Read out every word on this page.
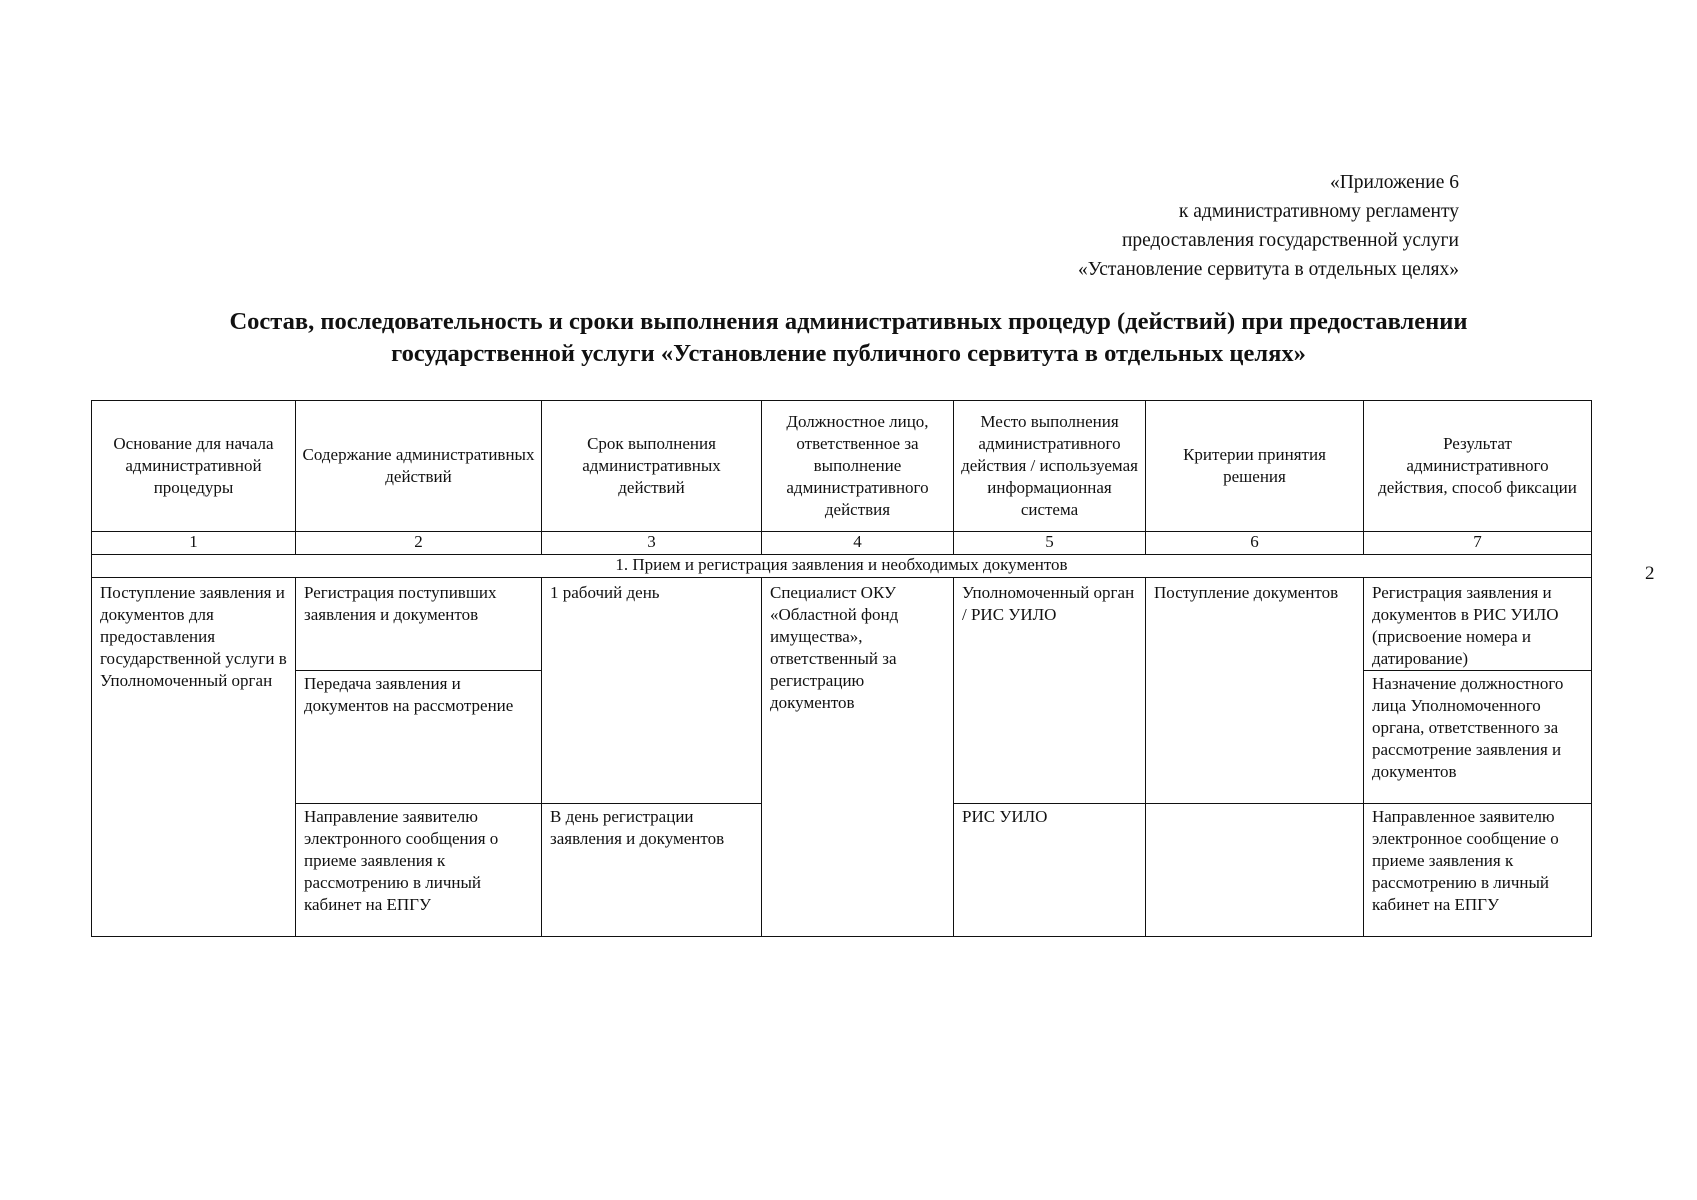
«Приложение 6
к административному регламенту
предоставления государственной услуги
«Установление сервитута в отдельных целях»
Состав, последовательность и сроки выполнения административных процедур (действий) при предоставлении
государственной услуги «Установление публичного сервитута в отдельных целях»
2
Основание для начала административной процедуры	Содержание административных действий	Срок выполнения административных действий	Должностное лицо, ответственное за выполнение административного действия	Место выполнения административного действия / используемая информационная система	Критерии принятия решения	Результат административного действия, способ фиксации
1	2	3	4	5	6	7
1. Прием и регистрация заявления и необходимых документов						
Поступление заявления и документов для предоставления государственной услуги в Уполномоченный орган	Регистрация поступивших заявления и документов	1 рабочий день	Специалист ОКУ «Областной фонд имущества», ответственный за регистрацию документов	Уполномоченный орган / РИС УИЛО	Поступление документов	Регистрация заявления и документов в РИС УИЛО (присвоение номера и датирование)
	Передача заявления и документов на рассмотрение					Назначение должностного лица Уполномоченного органа, ответственного за рассмотрение заявления и документов
	Направление заявителю электронного сообщения о приеме заявления к рассмотрению в личный кабинет на ЕПГУ	В день регистрации заявления и документов		РИС УИЛО		Направленное заявителю электронное сообщение о приеме заявления к рассмотрению в личный кабинет на ЕПГУ
